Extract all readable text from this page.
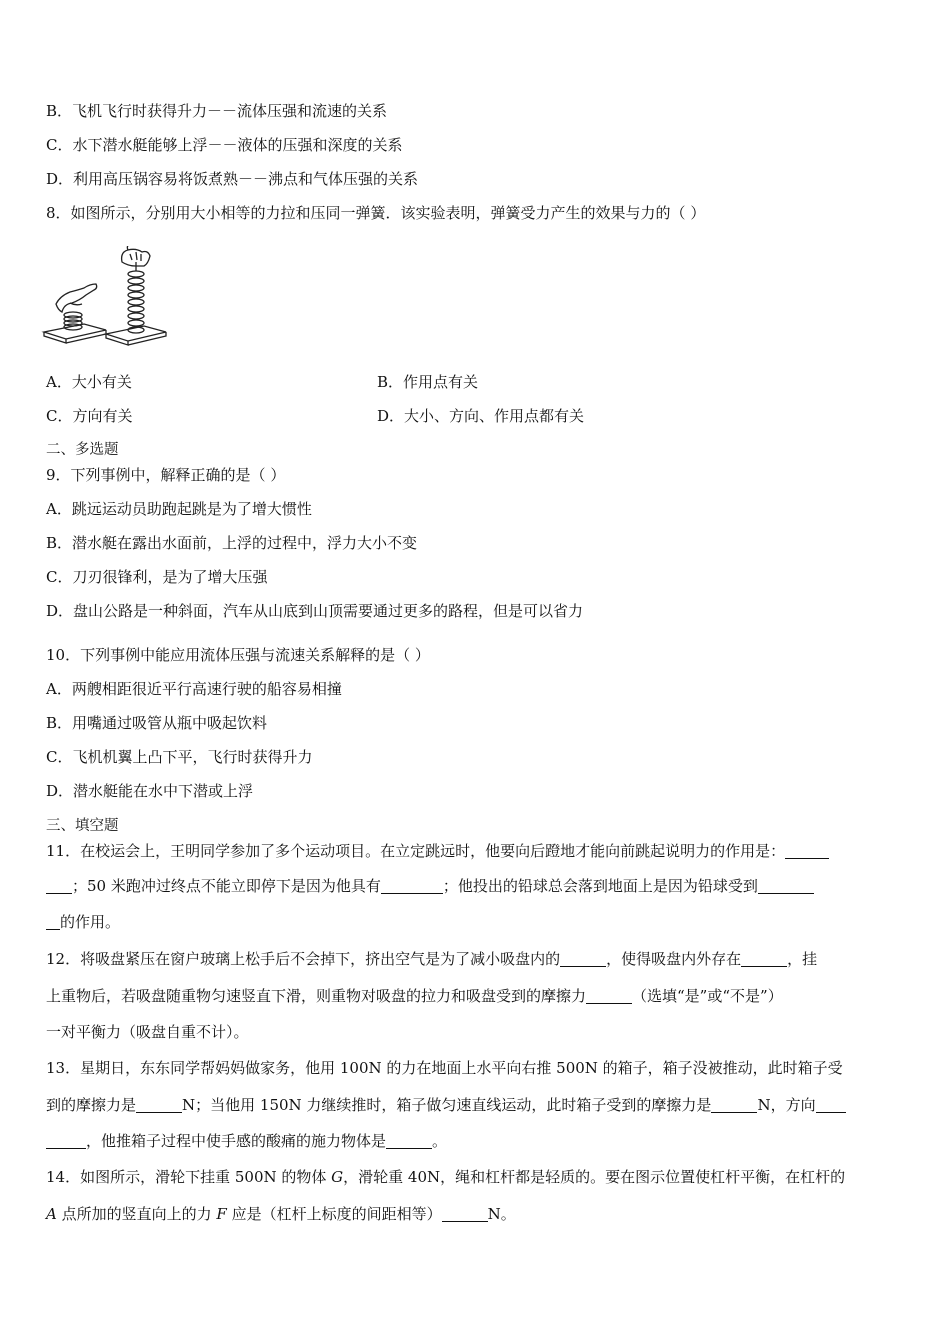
B．飞机飞行时获得升力－－流体压强和流速的关系
C．水下潜水艇能够上浮－－液体的压强和深度的关系
D．利用高压锅容易将饭煮熟－－沸点和气体压强的关系
8．如图所示，分别用大小相等的力拉和压同一弹簧．该实验表明，弹簧受力产生的效果与力的（ ）
A．大小有关	B．作用点有关
C．方向有关	D．大小、方向、作用点都有关
二、多选题
9．下列事例中，解释正确的是（ ）
A．跳远运动员助跑起跳是为了增大惯性
B．潜水艇在露出水面前，上浮的过程中，浮力大小不变
C．刀刃很锋利，是为了增大压强
D．盘山公路是一种斜面，汽车从山底到山顶需要通过更多的路程，但是可以省力
10．下列事例中能应用流体压强与流速关系解释的是（ ）
A．两艘相距很近平行高速行驶的船容易相撞
B．用嘴通过吸管从瓶中吸起饮料
C．飞机机翼上凸下平，飞行时获得升力
D．潜水艇能在水中下潜或上浮
三、填空题
11．在校运会上，王明同学参加了多个运动项目。在立定跳远时，他要向后蹬地才能向前跳起说明力的作用是：
；50 米跑冲过终点不能立即停下是因为他具有	；他投出的铅球总会落到地面上是因为铅球受到
的作用。
12．将吸盘紧压在窗户玻璃上松手后不会掉下，挤出空气是为了减小吸盘内的	，使得吸盘内外存在	，挂
上重物后，若吸盘随重物匀速竖直下滑，则重物对吸盘的拉力和吸盘受到的摩擦力	（选填“是”或“不是”）
一对平衡力（吸盘自重不计）。
13．星期日，东东同学帮妈妈做家务，他用 100N 的力在地面上水平向右推 500N 的箱子，箱子没被推动，此时箱子受
到的摩擦力是	N；当他用 150N 力继续推时，箱子做匀速直线运动，此时箱子受到的摩擦力是	N，方向
，他推箱子过程中使手感的酸痛的施力物体是	。
14．如图所示，滑轮下挂重 500N 的物体 G，滑轮重 40N，绳和杠杆都是轻质的。要在图示位置使杠杆平衡，在杠杆的
A 点所加的竖直向上的力 F 应是（杠杆上标度的间距相等）	N。
